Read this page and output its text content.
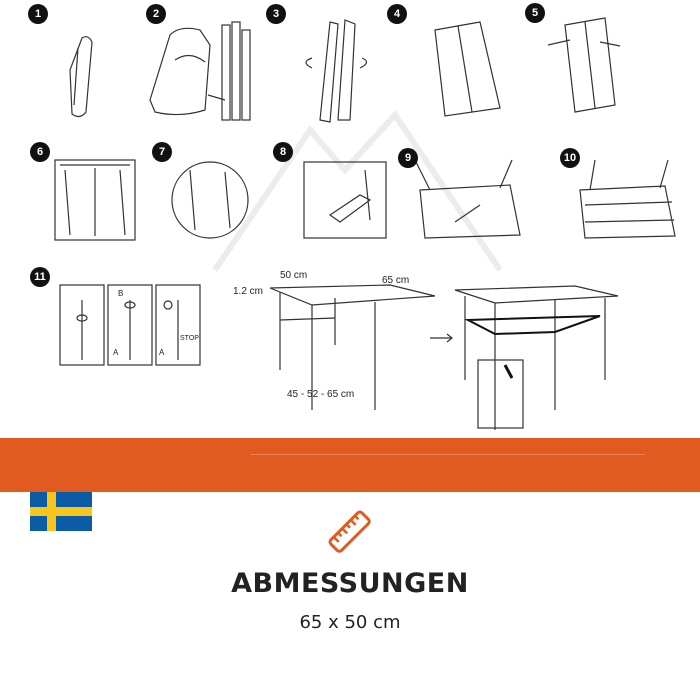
1	2	3	4	5
6	7	8	9	10
11	50 cm	65 cm
1.2 cm
45 - 52 - 65 cm
A
B
A
STOP
ABMESSUNGEN
65 x 50 cm
